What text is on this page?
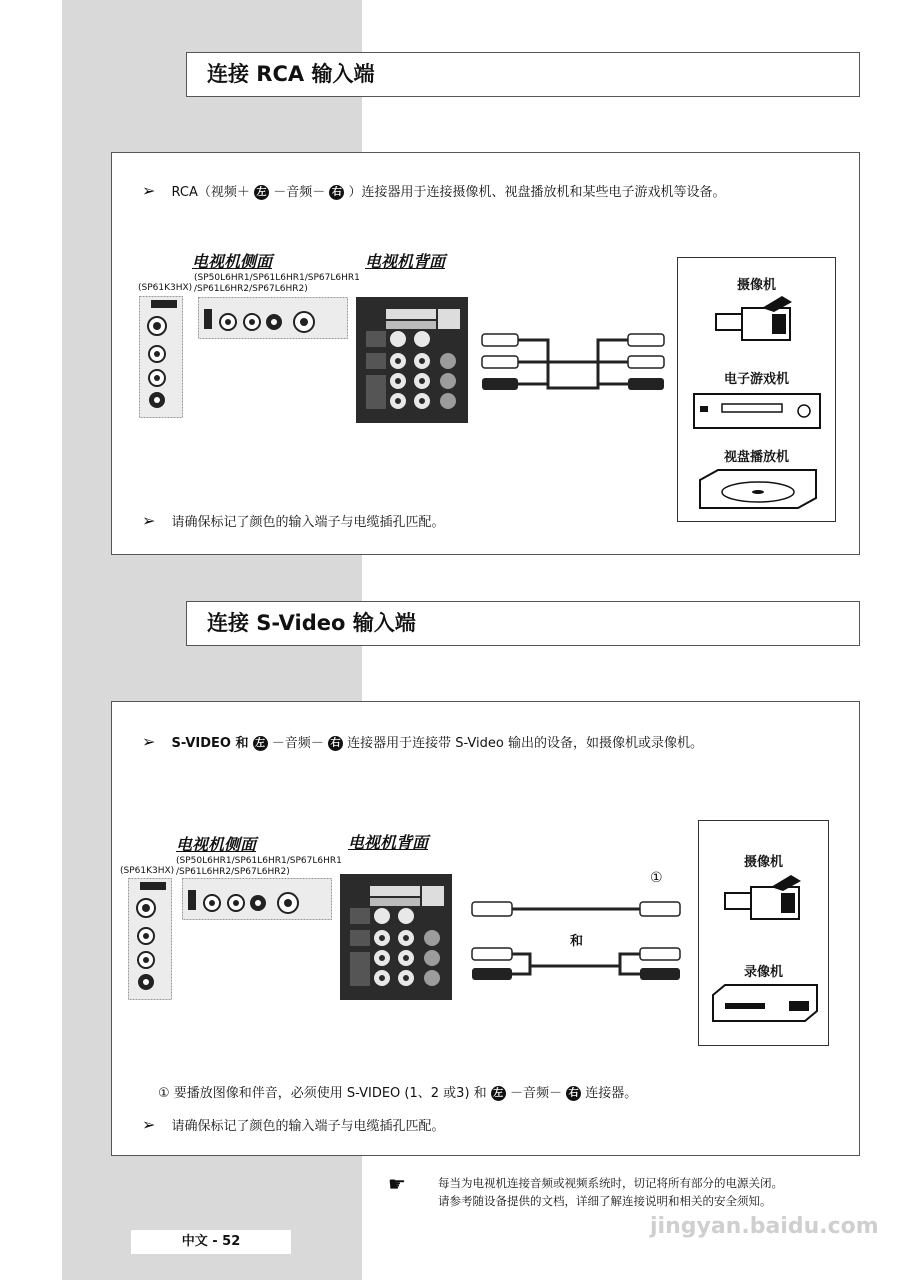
连接 RCA 输入端
➢ RCA（视频＋ 左 －音频－ 右 ）连接器用于连接摄像机、视盘播放机和某些电子游戏机等设备。
电视机侧面	电视机背面
(SP61K3HX)
(SP50L6HR1/SP61L6HR1/SP67L6HR1
/SP61L6HR2/SP67L6HR2)	摄像机
电子游戏机
视盘播放机
➢ 请确保标记了颜色的输入端子与电缆插孔匹配。
连接 S-Video 输入端
➢ S-VIDEO 和 左 －音频－ 右 连接器用于连接带 S-Video 输出的设备，如摄像机或录像机。
电视机侧面	电视机背面
(SP61K3HX)
(SP50L6HR1/SP61L6HR1/SP67L6HR1
/SP61L6HR2/SP67L6HR2)	①
和
摄像机
录像机
① 要播放图像和伴音，必须使用 S-VIDEO (1、2 或3) 和 左 －音频－ 右 连接器。
➢ 请确保标记了颜色的输入端子与电缆插孔匹配。
☛	每当为电视机连接音频或视频系统时，切记将所有部分的电源关闭。
请参考随设备提供的文档，详细了解连接说明和相关的安全须知。
jingyan.baidu.com
中文 - 52
